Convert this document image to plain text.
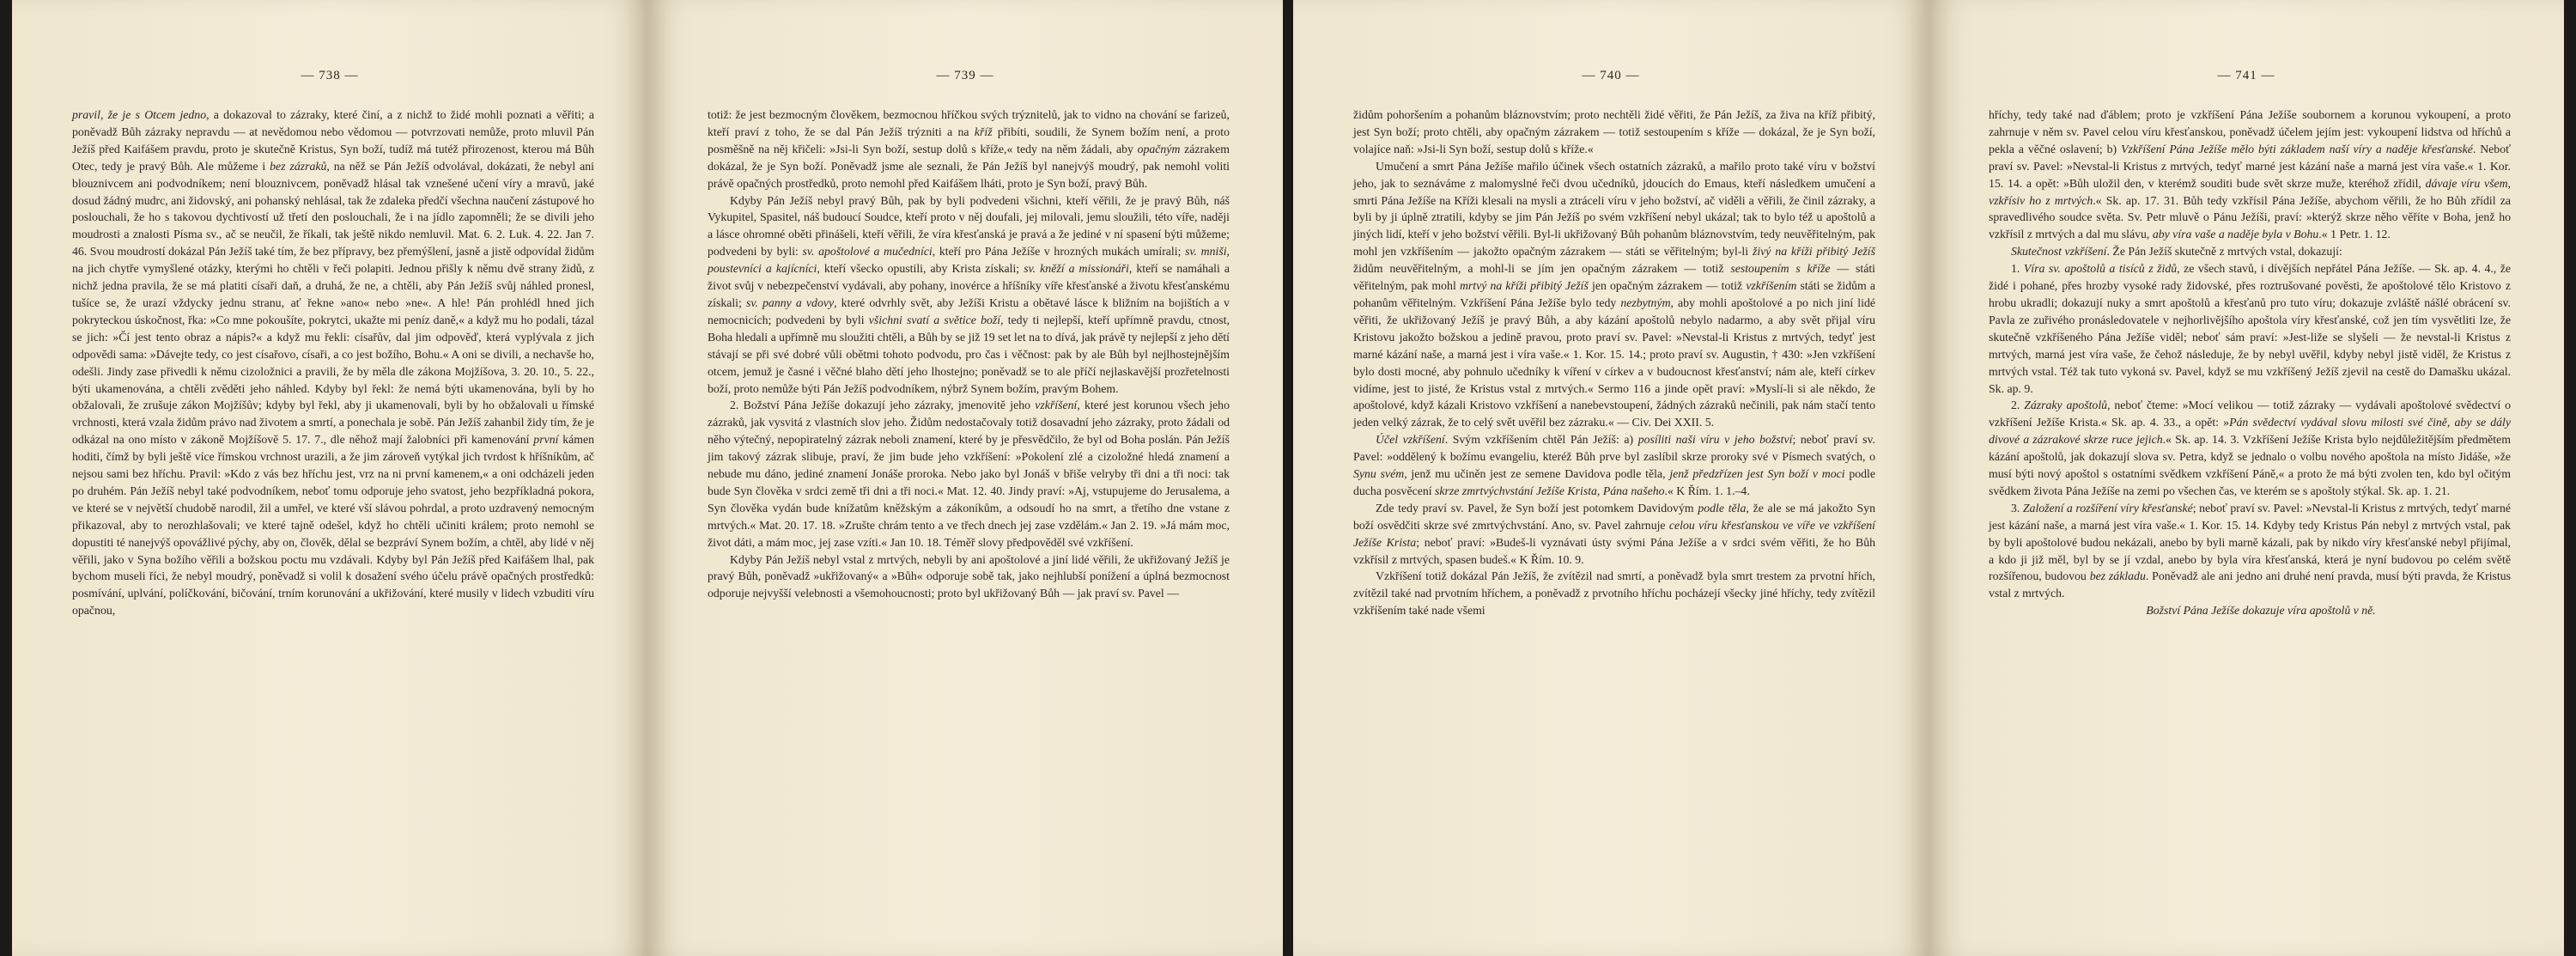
— 738 —

pravil, že je s Otcem jedno, a dokazoval to zázraky, které činí, a z nichž to židé mohli poznati a věřiti; a poněvadž Bůh zázraky nepravdu — at nevědomou nebo vědomou — potvrzovati nemůže, proto mluvil Pán Ježíš před Kaifášem pravdu, proto je skutečně Kristus, Syn boží, tudíž má tutéž přirozenost, kterou má Bůh Otec, tedy je pravý Bůh. Ale můžeme i bez zázraků, na něž se Pán Ježíš odvolával, dokázati, že nebyl ani blouznivcem ani podvodníkem; není blouznivcem, poněvadž hlásal tak vznešené učení víry a mravů, jaké dosud žádný mudrc, ani židovský, ani pohanský nehlásal, tak že zdaleka předčí všechna naučení zástupové ho poslouchali, že ho s takovou dychtivostí už třetí den poslouchali, že i na jídlo zapomněli; že se divili jeho moudrosti a znalosti Písma sv., ač se neučil, že říkali, tak ještě nikdo nemluvil. Mat. 6. 2. Luk. 4. 22. Jan 7. 46. Svou moudrostí dokázal Pán Ježíš také tím, že bez přípravy, bez přemýšlení, jasně a jistě odpovídal židům na jich chytře vymyšlené otázky, kterými ho chtěli v řeči polapiti. Jednou přišly k němu dvě strany židů, z nichž jedna pravila, že se má platiti císaři daň, a druhá, že ne, a chtěli, aby Pán Ježíš svůj náhled pronesl, tušíce se, že urazí vždycky jednu stranu, ať řekne »ano« nebo »ne«. A hle! Pán prohlédl hned jich pokryteckou úskočnost, řka: »Co mne pokoušíte, pokrytci, ukažte mi peníz daně,« a když mu ho podali, tázal se jich: »Čí jest tento obraz a nápis?« a když mu řekli: císařův, dal jim odpověď, která vyplývala z jich odpovědi sama: »Dávejte tedy, co jest císařovo, císaři, a co jest božího, Bohu.« A oni se divili, a nechavše ho, odešli. Jindy zase přivedli k němu cizoložnici a pravili, že by měla dle zákona Mojžíšova, 3. 20. 10., 5. 22., býti ukamenována, a chtěli zvěděti jeho náhled. Kdyby byl řekl: že nemá býti ukamenována, byli by ho obžalovali, že zrušuje zákon Mojžíšův; kdyby byl řekl, aby ji ukamenovali, byli by ho obžalovali u římské vrchnosti, která vzala židům právo nad životem a smrtí, a ponechala je sobě. Pán Ježíš zahanbil židy tím, že je odkázal na ono místo v zákoně Mojžíšově 5. 17. 7., dle něhož mají žalobníci při kamenování první kámen hoditi, čímž by byli ještě více římskou vrchnost urazili, a že jim zároveň vytýkal jich tvrdost k hříšníkům, ač nejsou sami bez hříchu. Pravil: »Kdo z vás bez hříchu jest, vrz na ni první kamenem,« a oni odcházeli jeden po druhém. Pán Ježíš nebyl také podvodníkem, neboť tomu odporuje jeho svatost, jeho bezpříkladná pokora, ve které se v největší chudobě narodil, žil a umřel, ve které vší slávou pohrdal, a proto uzdravený nemocným přikazoval, aby to nerozhlašovali; ve které tajně odešel, když ho chtěli učiniti králem; proto nemohl se dopustiti té nanejvýš opovážlivé pýchy, aby on, člověk, dělal se bezpráví Synem božím, a chtěl, aby lidé v něj věřili, jako v Syna božího věřili a božskou poctu mu vzdávali. Kdyby byl Pán Ježíš před Kaifášem lhal, pak bychom museli říci, že nebyl moudrý, poněvadž si volil k dosažení svého účelu právě opačných prostředků: posmívání, uplvání, políčkování, bičování, trním korunování a ukřižování, které musily v lidech vzbuditi víru opačnou,

— 739 —

totiž: že jest bezmocným člověkem, bezmocnou hříčkou svých trýznitelů, jak to vidno na chování se farizeů, kteří praví z toho, že se dal Pán Ježíš trýzniti a na kříž přibíti, soudili, že Synem božím není, a proto posměšně na něj křičeli: »Jsi-li Syn boží, sestup dolů s kříže,« tedy na něm žádali, aby opačným zázrakem dokázal, že je Syn boží. Poněvadž jsme ale seznali, že Pán Ježíš byl nanejvýš moudrý, pak nemohl voliti právě opačných prostředků, proto nemohl před Kaifášem lháti, proto je Syn boží, pravý Bůh.

Kdyby Pán Ježíš nebyl pravý Bůh, pak by byli podvedeni všichni, kteří věřili, že je pravý Bůh, náš Vykupitel, Spasitel, náš budoucí Soudce, kteří proto v něj doufali, jej milovali, jemu sloužili, této víře, naději a lásce ohromné oběti přinášeli, kteří věřili, že víra křesťanská je pravá a že jediné v ní spasení býti můžeme; podvedeni by byli: sv. apoštolové a mučedníci, kteří pro Pána Ježíše v hrozných mukách umírali; sv. mniši, poustevníci a kajícníci, kteří všecko opustili, aby Krista získali; sv. kněží a missionáři, kteří se namáhali a život svůj v nebezpečenství vydávali, aby pohany, inovérce a hříšníky víře křesťanské a životu křesťanskému získali; sv. panny a vdovy, které odvrhly svět, aby Ježíši Kristu a obětavé lásce k bližním na bojištích a v nemocnicích; podvedeni by byli všichni svatí a světice boží, tedy ti nejlepší, kteří upřímně pravdu, ctnost, Boha hledali a upřímně mu sloužiti chtěli, a Bůh by se již 19 set let na to dívá, jak právě ty nejlepší z jeho dětí stávají se při své dobré vůli obětmi tohoto podvodu, pro čas i věčnost: pak by ale Bůh byl nejlhostejnějším otcem, jemuž je časné i věčné blaho dětí jeho lhostejno; poněvadž se to ale příčí nejlaskavější prozřetelnosti boží, proto nemůže býti Pán Ježíš podvodníkem, nýbrž Synem božím, pravým Bohem.

2. Božství Pána Ježíše dokazují jeho zázraky, jmenovitě jeho vzkříšení, které jest korunou všech jeho zázraků, jak vysvitá z vlastních slov jeho. Židům nedostačovaly totiž dosavadní jeho zázraky, proto žádali od něho výtečný, nepopiratelný zázrak neboli znamení, které by je přesvědčilo, že byl od Boha poslán. Pán Ježíš jim takový zázrak slibuje, praví, že jim bude jeho vzkříšení: »Pokolení zlé a cizoložné hledá znamení a nebude mu dáno, jediné znamení Jonáše proroka. Nebo jako byl Jonáš v břiše velryby tři dni a tři noci: tak bude Syn člověka v srdci země tři dni a tři noci.« Mat. 12. 40. Jindy praví: »Aj, vstupujeme do Jerusalema, a Syn člověka vydán bude knížatům kněžským a zákoníkům, a odsoudí ho na smrt, a třetího dne vstane z mrtvých.« Mat. 20. 17. 18. »Zrušte chrám tento a ve třech dnech jej zase vzdělám.« Jan 2. 19. »Já mám moc, život dáti, a mám moc, jej zase vzíti.« Jan 10. 18. Téměř slovy předpověděl své vzkříšení.

Kdyby Pán Ježíš nebyl vstal z mrtvých, nebyli by ani apoštolové a jiní lidé věřili, že ukřižovaný Ježíš je pravý Bůh, poněvadž »ukřižovaný« a »Bůh« odporuje sobě tak, jako nejhlubší ponížení a úplná bezmocnost odporuje nejvyšší velebnosti a všemohoucnosti; proto byl ukřižovaný Bůh — jak praví sv. Pavel —

— 740 —

židům pohoršením a pohanům bláznovstvím; proto nechtěli židé věřiti, že Pán Ježíš, za živa na kříž přibitý, jest Syn boží; proto chtěli, aby opačným zázrakem — totiž sestoupením s kříže — dokázal, že je Syn boží, volajíce naň: »Jsi-li Syn boží, sestup dolů s kříže.«

Umučení a smrt Pána Ježíše mařilo účinek všech ostatních zázraků, a mařilo proto také víru v božství jeho, jak to seznáváme z malomyslné řeči dvou učedníků, jdoucích do Emaus, kteří následkem umučení a smrti Pána Ježíše na Kříži klesali na mysli a ztráceli víru v jeho božství, ač viděli a věřili, že činil zázraky, a byli by ji úplně ztratili, kdyby se jim Pán Ježíš po svém vzkříšení nebyl ukázal; tak to bylo též u apoštolů a jiných lidí, kteří v jeho božství věřili. Byl-li ukřižovaný Bůh pohanům bláznovstvím, tedy neuvěřitelným, pak mohl jen vzkříšením — jakožto opačným zázrakem — státi se věřitelným; byl-li živý na kříži přibitý Ježíš židům neuvěřitelným, a mohl-li se jím jen opačným zázrakem — totiž sestoupením s kříže — státi věřitelným, pak mohl mrtvý na kříži přibitý Ježíš jen opačným zázrakem — totiž vzkříšením státi se židům a pohanům věřitelným. Vzkříšení Pána Ježíše bylo tedy nezbytným, aby mohli apoštolové a po nich jiní lidé věřiti, že ukřižovaný Ježíš je pravý Bůh, a aby kázání apoštolů nebylo nadarmo, a aby svět přijal víru Kristovu jakožto božskou a jedině pravou, proto praví sv. Pavel: »Nevstal-li Kristus z mrtvých, tedyť jest marné kázání naše, a marná jest i víra vaše.« 1. Kor. 15. 14.; proto praví sv. Augustin, † 430: »Jen vzkříšení bylo dosti mocné, aby pohnulo učedníky k víření v církev a v budoucnost křesťanství; nám ale, kteří církev vidíme, jest to jisté, že Kristus vstal z mrtvých.« Sermo 116 a jinde opět praví: »Myslí-li si ale někdo, že apoštolové, když kázali Kristovo vzkříšení a nanebevstoupení, žádných zázraků nečinili, pak nám stačí tento jeden velký zázrak, že to celý svět uvěřil bez zázraku.« — Civ. Dei XXII. 5.

Účel vzkříšení. Svým vzkříšením chtěl Pán Ježíš: a) posíliti naši víru v jeho božství; neboť praví sv. Pavel: »oddělený k božímu evangeliu, kteréž Bůh prve byl zaslíbil skrze proroky své v Písmech svatých, o Synu svém, jenž mu učiněn jest ze semene Davidova podle těla, jenž předzřízen jest Syn boží v moci podle ducha posvěcení skrze zmrtvýchvstání Ježíše Krista, Pána našeho.« K Řím. 1. 1.–4.

Zde tedy praví sv. Pavel, že Syn boží jest potomkem Davidovým podle těla, že ale se má jakožto Syn boží osvědčiti skrze své zmrtvýchvstání. Ano, sv. Pavel zahrnuje celou víru křesťanskou ve víře ve vzkříšení Ježíše Krista; neboť praví: »Budeš-li vyznávati ústy svými Pána Ježíše a v srdci svém věřiti, že ho Bůh vzkřísil z mrtvých, spasen budeš.« K Řím. 10. 9.

Vzkříšení totiž dokázal Pán Ježíš, že zvítězil nad smrtí, a poněvadž byla smrt trestem za prvotní hřích, zvítězil také nad prvotním hříchem, a poněvadž z prvotního hříchu pocházejí všecky jiné hříchy, tedy zvítězil vzkříšením také nade všemi

— 741 —

hříchy, tedy také nad ďáblem; proto je vzkříšení Pána Ježíše soubornem a korunou vykoupení, a proto zahrnuje v něm sv. Pavel celou víru křesťanskou, poněvadž účelem jejím jest: vykoupení lidstva od hříchů a pekla a věčné oslavení; b) Vzkříšení Pána Ježíše mělo býti základem naší víry a naděje křesťanské. Neboť praví sv. Pavel: »Nevstal-li Kristus z mrtvých, tedyť marné jest kázání naše a marná jest víra vaše.« 1. Kor. 15. 14. a opět: »Bůh uložil den, v kterémž souditi bude svět skrze muže, kteréhož zřídil, dávaje víru všem, vzkřísiv ho z mrtvých.« Sk. ap. 17. 31. Bůh tedy vzkřísil Pána Ježíše, abychom věřili, že ho Bůh zřídil za spravedlivého soudce světa. Sv. Petr mluvě o Pánu Ježíši, praví: »kterýž skrze něho věříte v Boha, jenž ho vzkřísil z mrtvých a dal mu slávu, aby víra vaše a naděje byla v Bohu.« 1 Petr. 1. 12.

Skutečnost vzkříšení. Že Pán Ježíš skutečně z mrtvých vstal, dokazují:

1. Víra sv. apoštolů a tisíců z židů, ze všech stavů, i dívějších nepřátel Pána Ježíše. — Sk. ap. 4. 4., že židé i pohané, přes hrozby vysoké rady židovské, přes roztrušované pověsti, že apoštolové tělo Kristovo z hrobu ukradli; dokazují nuky a smrt apoštolů a křesťanů pro tuto víru; dokazuje zvláště nášlé obrácení sv. Pavla ze zuřivého pronásledovatele v nejhorlivějšího apoštola víry křesťanské, což jen tím vysvětliti lze, že skutečně vzkříšeného Pána Ježíše viděl; neboť sám praví: »Jest-liže se slyšeli — že nevstal-li Kristus z mrtvých, marná jest víra vaše, že čehož následuje, že by nebyl uvěřil, kdyby nebyl jistě viděl, že Kristus z mrtvých vstal. Též tak tuto vykoná sv. Pavel, když se mu vzkříšený Ježíš zjevil na cestě do Damašku ukázal. Sk. ap. 9.

2. Zázraky apoštolů, neboť čteme: »Mocí velikou — totiž zázraky — vydávali apoštolové svědectví o vzkříšení Ježíše Krista.« Sk. ap. 4. 33., a opět: »Pán svědectví vydával slovu milosti své čině, aby se dály divové a zázrakové skrze ruce jejich.« Sk. ap. 14. 3. Vzkříšení Ježíše Krista bylo nejdůležitějším předmětem kázání apoštolů, jak dokazují slova sv. Petra, když se jednalo o volbu nového apoštola na místo Jidáše, »že musí býti nový apoštol s ostatními svědkem vzkříšení Páně,« a proto že má býti zvolen ten, kdo byl očitým svědkem života Pána Ježíše na zemi po všechen čas, ve kterém se s apoštoly stýkal. Sk. ap. 1. 21.

3. Založení a rozšíření víry křesťanské; neboť praví sv. Pavel: »Nevstal-li Kristus z mrtvých, tedyť marné jest kázání naše, a marná jest víra vaše.« 1. Kor. 15. 14. Kdyby tedy Kristus Pán nebyl z mrtvých vstal, pak by byli apoštolové budou nekázali, anebo by byli marně kázali, pak by nikdo víry křesťanské nebyl přijímal, a kdo ji již měl, byl by se jí vzdal, anebo by byla víra křesťanská, která je nyní budovou po celém světě rozšířenou, budovou bez základu. Poněvadž ale ani jedno ani druhé není pravda, musí býti pravda, že Kristus vstal z mrtvých.

Božství Pána Ježíše dokazuje víra apoštolů v ně.
